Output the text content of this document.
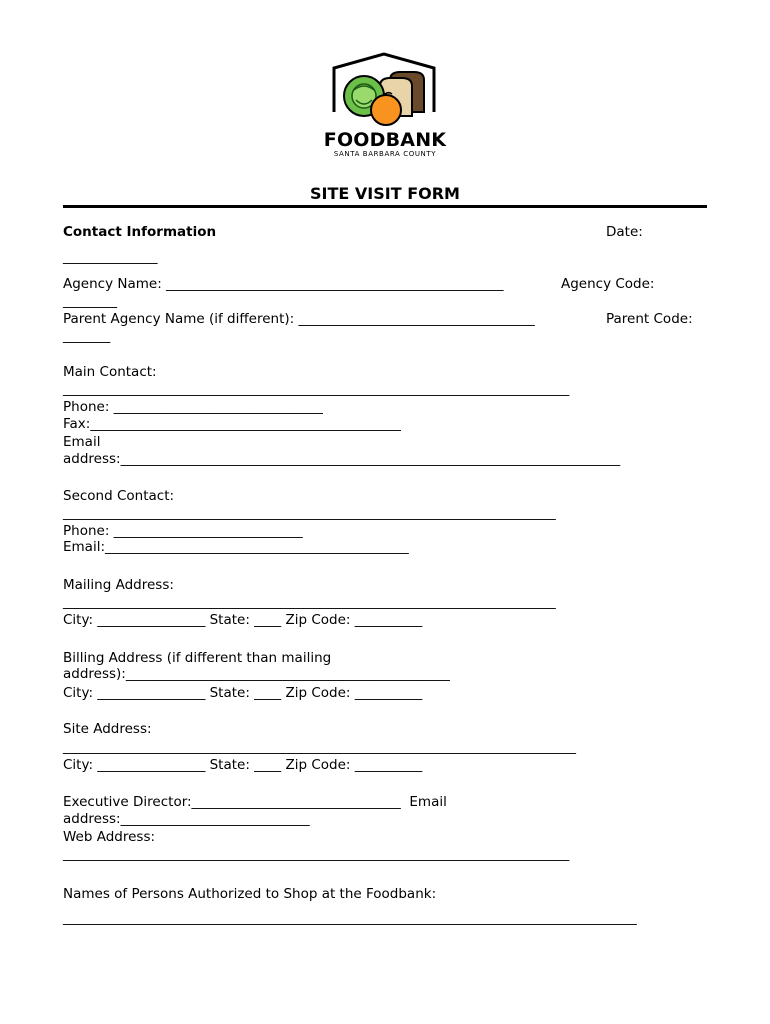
FOODBANK
SANTA BARBARA COUNTY
SITE VISIT FORM
Contact Information	Date:
______________
Agency Name: __________________________________________________	Agency Code:
________
Parent Agency Name (if different): ___________________________________	Parent Code:
_______
Main Contact:
___________________________________________________________________________
Phone: _______________________________
Fax:______________________________________________
Email
address:__________________________________________________________________________
Second Contact:
_________________________________________________________________________
Phone: ____________________________
Email:_____________________________________________
Mailing Address:
_________________________________________________________________________
City: ________________ State: ____ Zip Code: __________
Billing Address (if different than mailing
address):________________________________________________
City: ________________ State: ____ Zip Code: __________
Site Address:
____________________________________________________________________________
City: ________________ State: ____ Zip Code: __________
Executive Director:_______________________________  Email
address:____________________________
Web Address:
___________________________________________________________________________
Names of Persons Authorized to Shop at the Foodbank:
_____________________________________________________________________________________
